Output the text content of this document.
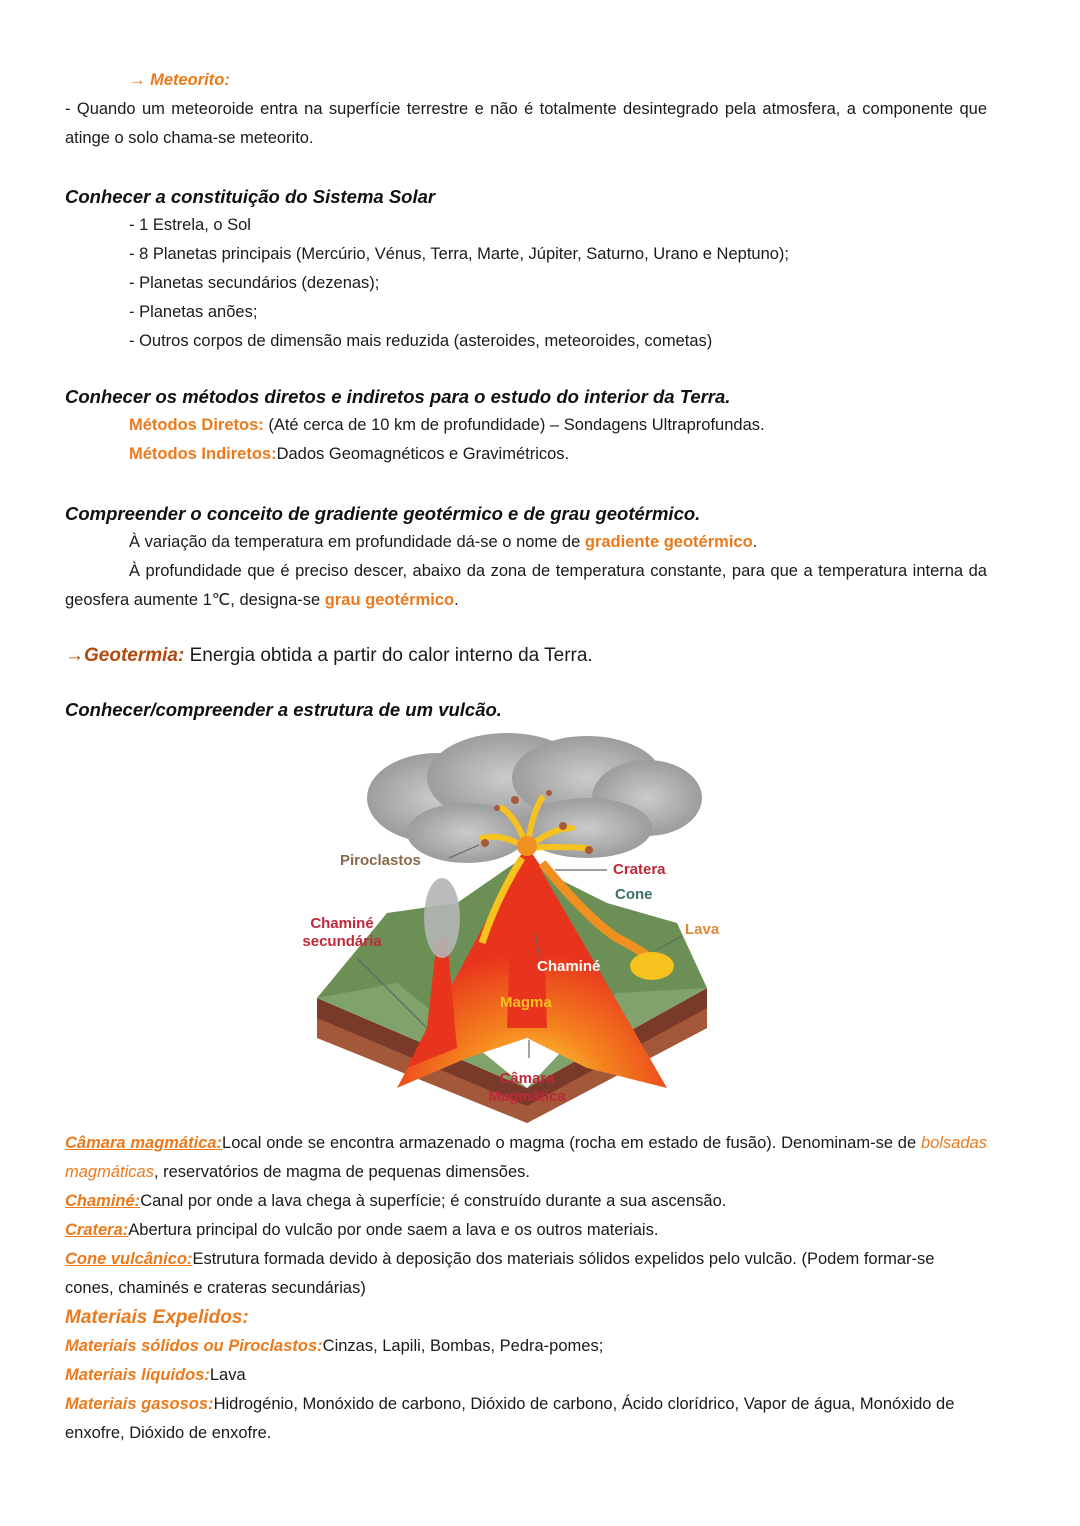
→ Meteorito:
- Quando um meteoroide entra na superfície terrestre e não é totalmente desintegrado pela atmosfera, a componente que atinge o solo chama-se meteorito.
Conhecer a constituição do Sistema Solar
- 1 Estrela, o Sol
- 8 Planetas principais (Mercúrio, Vénus, Terra, Marte, Júpiter, Saturno, Urano e Neptuno);
- Planetas secundários (dezenas);
- Planetas anões;
- Outros corpos de dimensão mais reduzida (asteroides, meteoroides, cometas)
Conhecer os métodos diretos e indiretos para o estudo do interior da Terra.
Métodos Diretos: (Até cerca de 10 km de profundidade) – Sondagens Ultraprofundas.
Métodos Indiretos:Dados Geomagnéticos e Gravimétricos.
Compreender o conceito de gradiente geotérmico e de grau geotérmico.
À variação da temperatura em profundidade dá-se o nome de gradiente geotérmico.
À profundidade que é preciso descer, abaixo da zona de temperatura constante, para que a temperatura interna da geosfera aumente 1℃, designa-se grau geotérmico.
→Geotermia: Energia obtida a partir do calor interno da Terra.
Conhecer/compreender a estrutura de um vulcão.
Piroclastos
Cratera
Cone
Lava
Chaminé
secundária
Chaminé
Magma
Câmara
Magmática
Câmara magmática:Local onde se encontra armazenado o magma (rocha em estado de fusão). Denominam-se de bolsadas magmáticas, reservatórios de magma de pequenas dimensões.
Chaminé:Canal por onde a lava chega à superfície; é construído durante a sua ascensão.
Cratera:Abertura principal do vulcão por onde saem a lava e os outros materiais.
Cone vulcânico:Estrutura formada devido à deposição dos materiais sólidos expelidos pelo vulcão. (Podem formar-se cones, chaminés e crateras secundárias)
Materiais Expelidos:
Materiais sólidos ou Piroclastos:Cinzas, Lapili, Bombas, Pedra-pomes;
Materiais líquidos:Lava
Materiais gasosos:Hidrogénio, Monóxido de carbono, Dióxido de carbono, Ácido clorídrico, Vapor de água, Monóxido de enxofre, Dióxido de enxofre.
